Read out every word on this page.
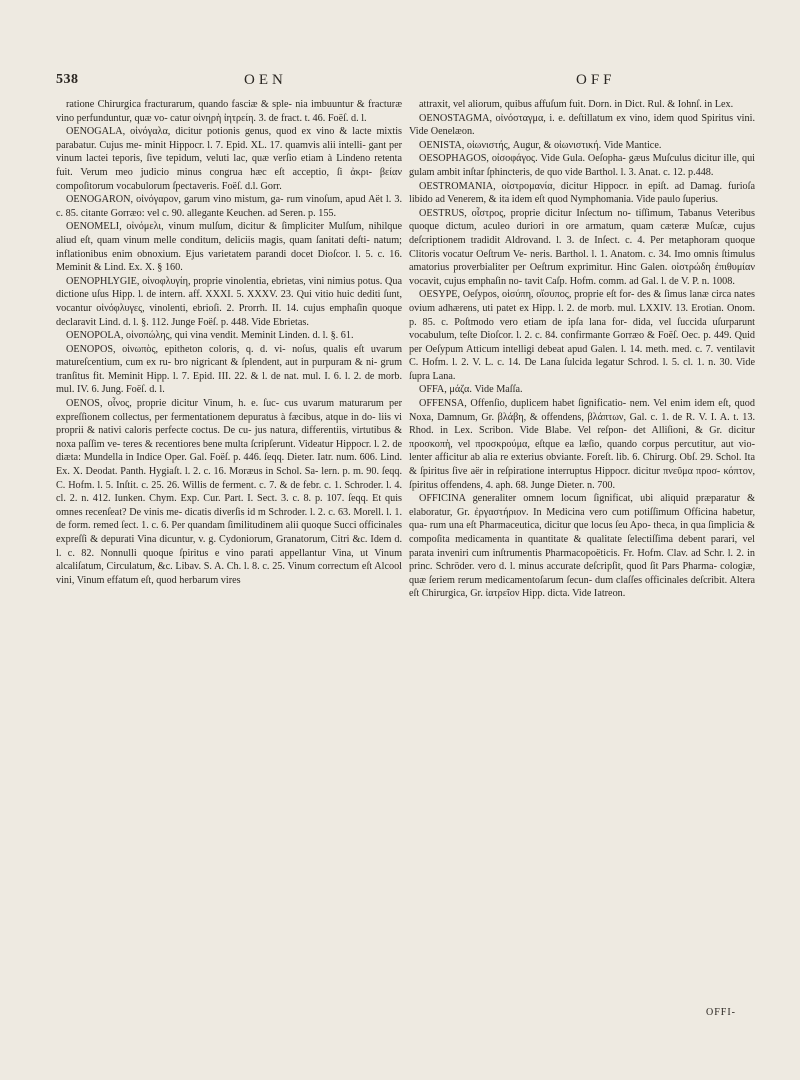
538	OEN	OFF

ratione Chirurgica fracturarum, quando fasciæ & sple- nia imbuuntur & fracturæ vino perfunduntur, quæ vo- catur οἰνηρὴ ἰητρείη. 3. de fract. t. 46. Foëſ. d. l.

OENOGALA, οἰνόγαλα, dicitur potionis genus, quod ex vino & lacte mixtis parabatur. Cujus me- minit Hippocr. l. 7. Epid. XL. 17. quamvis alii intelli- gant per vinum lactei teporis, ſive tepidum, veluti lac, quæ verſio etiam à Lindeno retenta fuit. Verum meo judicio minus congrua hæc eſt acceptio, ſi ἀκρι- βείαν compoſitorum vocabulorum ſpectaveris. Foëſ. d.l. Gorr.

OENOGARON, οἰνόγαρον, garum vino mistum, ga- rum vinoſum, apud Aët l. 3. c. 85. citante Gorræo: vel c. 90. allegante Keuchen. ad Seren. p. 155.

OENOMELI, οἰνόμελι, vinum mulſum, dicitur & ſimpliciter Mulſum, nihilque aliud eſt, quam vinum melle conditum, deliciis magis, quam ſanitati deſti- natum; inflationibus enim obnoxium. Ejus varietatem parandi docet Dioſcor. l. 5. c. 16. Meminit & Lind. Ex. X. § 160.

OENOPHLYGIE, οἰνοφλυγίη, proprie vinolentia, ebrietas, vini nimius potus. Qua dictione uſus Hipp. l. de intern. aff. XXXI. 5. XXXV. 23. Qui vitio huic dediti ſunt, vocantur οἰνόφλυγες, vinolenti, ebrioſi. 2. Prorrh. II. 14. cujus emphaſin quoque declaravit Lind. d. l. §. 112. Junge Foëſ. p. 448. Vide Ebrietas.

OENOPOLA, οἰνοπώλης, qui vina vendit. Meminit Linden. d. l. §. 61.

OENOPOS, οἰνωπὸς, epitheton coloris, q. d. vi- noſus, qualis eſt uvarum matureſcentium, cum ex ru- bro nigricant & ſplendent, aut in purpuram & ni- grum tranſitus fit. Meminit Hipp. l. 7. Epid. III. 22. & l. de nat. mul. I. 6. l. 2. de morb. mul. IV. 6. Jung. Foëſ. d. l.

OENOS, οἶνος, proprie dicitur Vinum, h. e. ſuc- cus uvarum maturarum per expreſſionem collectus, per fermentationem depuratus à fæcibus, atque in do- liis vi proprii & nativi caloris perfecte coctus. De cu- jus natura, differentiis, virtutibus & noxa paſſim ve- teres & recentiores bene multa ſcripſerunt. Videatur Hippocr. l. 2. de diæta: Mundella in Indice Oper. Gal. Foëſ. p. 446. ſeqq. Dieter. Iatr. num. 606. Lind. Ex. X. Deodat. Panth. Hygiaſt. l. 2. c. 16. Moræus in Schol. Sa- lern. p. m. 90. ſeqq. C. Hofm. l. 5. Inſtit. c. 25. 26. Willis de ferment. c. 7. & de febr. c. 1. Schroder. l. 4. cl. 2. n. 412. Iunken. Chym. Exp. Cur. Part. I. Sect. 3. c. 8. p. 107. ſeqq. Et quis omnes recenſeat? De vinis me- dicatis diverſis id m Schroder. l. 2. c. 63. Morell. l. 1. de form. remed ſect. 1. c. 6. Per quandam ſimilitudinem alii quoque Succi officinales expreſſi & depurati Vina dicuntur, v. g. Cydoniorum, Granatorum, Citri &c. Idem d. l. c. 82. Nonnulli quoque ſpiritus e vino parati appellantur Vina, ut Vinum alcaliſatum, Circulatum, &c. Libav. S. A. Ch. l. 8. c. 25. Vinum correctum eſt Alcool vini, Vinum effatum eſt, quod herbarum vires

attraxit, vel aliorum, quibus affuſum fuit. Dorn. in Dict. Rul. & Iohnſ. in Lex.

OENOSTAGMA, οἰνόσταγμα, i. e. deſtillatum ex vino, idem quod Spiritus vini. Vide Oenelæon.

OENISTA, οἰωνιστής, Augur, & οἰωνιστική. Vide Mantice.

OESOPHAGOS, οἰσοφάγος. Vide Gula. Oeſopha- gæus Muſculus dicitur ille, qui gulam ambit inſtar ſphincteris, de quo vide Barthol. l. 3. Anat. c. 12. p.448.

OESTROMANIA, οἰστρομανία, dicitur Hippocr. in epiſt. ad Damag. furioſa libido ad Venerem, & ita idem eſt quod Nymphomania. Vide paulo ſuperius.

OESTRUS, οἶστρος, proprie dicitur Inſectum no- tiſſimum, Tabanus Veteribus quoque dictum, aculeo duriori in ore armatum, quam cæteræ Muſcæ, cujus deſcriptionem tradidit Aldrovand. l. 3. de Inſect. c. 4. Per metaphoram quoque Clitoris vocatur Oeſtrum Ve- neris. Barthol. l. 1. Anatom. c. 34. Imo omnis ſtimulus amatorius proverbialiter per Oeſtrum exprimitur. Hinc Galen. οἰστρώδη ἐπιθυμίαν vocavit, cujus emphaſin no- tavit Caſp. Hofm. comm. ad Gal. l. de V. P. n. 1008.

OESYPE, Oeſypos, οἰσύπη, οἴσυπος, proprie eſt for- des & ſimus lanæ circa nates ovium adhærens, uti patet ex Hipp. l. 2. de morb. mul. LXXIV. 13. Erotian. Onom. p. 85. c. Poſtmodo vero etiam de ipſa lana for- dida, vel ſuccida uſurparunt vocabulum, teſte Dioſcor. l. 2. c. 84. confirmante Gorræo & Foëſ. Oec. p. 449. Quid per Oeſypum Atticum intelligi debeat apud Galen. l. 14. meth. med. c. 7. ventilavit C. Hofm. l. 2. V. L. c. 14. De Lana ſulcida legatur Schrod. l. 5. cl. 1. n. 30. Vide ſupra Lana.

OFFA, μάζα. Vide Maſſa.

OFFENSA, Offenſio, duplicem habet ſignificatio- nem. Vel enim idem eſt, quod Noxa, Damnum, Gr. βλάβη, & offendens, βλάπτων, Gal. c. 1. de R. V. I. A. t. 13. Rhod. in Lex. Scribon. Vide Blabe. Vel reſpon- det Alliſioni, & Gr. dicitur προσκοπὴ, vel προσκρούμα, eſtque ea læſio, quando corpus percutitur, aut vio- lenter afficitur ab alia re exterius obviante. Foreſt. lib. 6. Chirurg. Obſ. 29. Schol. Ita & ſpiritus ſive aër in reſpiratione interruptus Hippocr. dicitur πνεῦμα προσ- κόπτον, ſpiritus offendens, 4. aph. 68. Junge Dieter. n. 700.

OFFICINA generaliter omnem locum ſignificat, ubi aliquid præparatur & elaboratur, Gr. ἐργαστήριον. In Medicina vero cum potiſſimum Officina habetur, qua- rum una eſt Pharmaceutica, dicitur que locus ſeu Apo- theca, in qua ſimplicia & compoſita medicamenta in quantitate & qualitate ſelectiſſima debent parari, vel parata inveniri cum inſtrumentis Pharmacopoëticis. Fr. Hofm. Clav. ad Schr. l. 2. in princ. Schröder. vero d. l. minus accurate deſcripſit, quod ſit Pars Pharma- cologiæ, quæ ſeriem rerum medicamentoſarum ſecun- dum claſſes officinales deſcribit. Altera eſt Chirurgica, Gr. ἰατρεῖον Hipp. dicta. Vide Iatreon.

OFFI-
